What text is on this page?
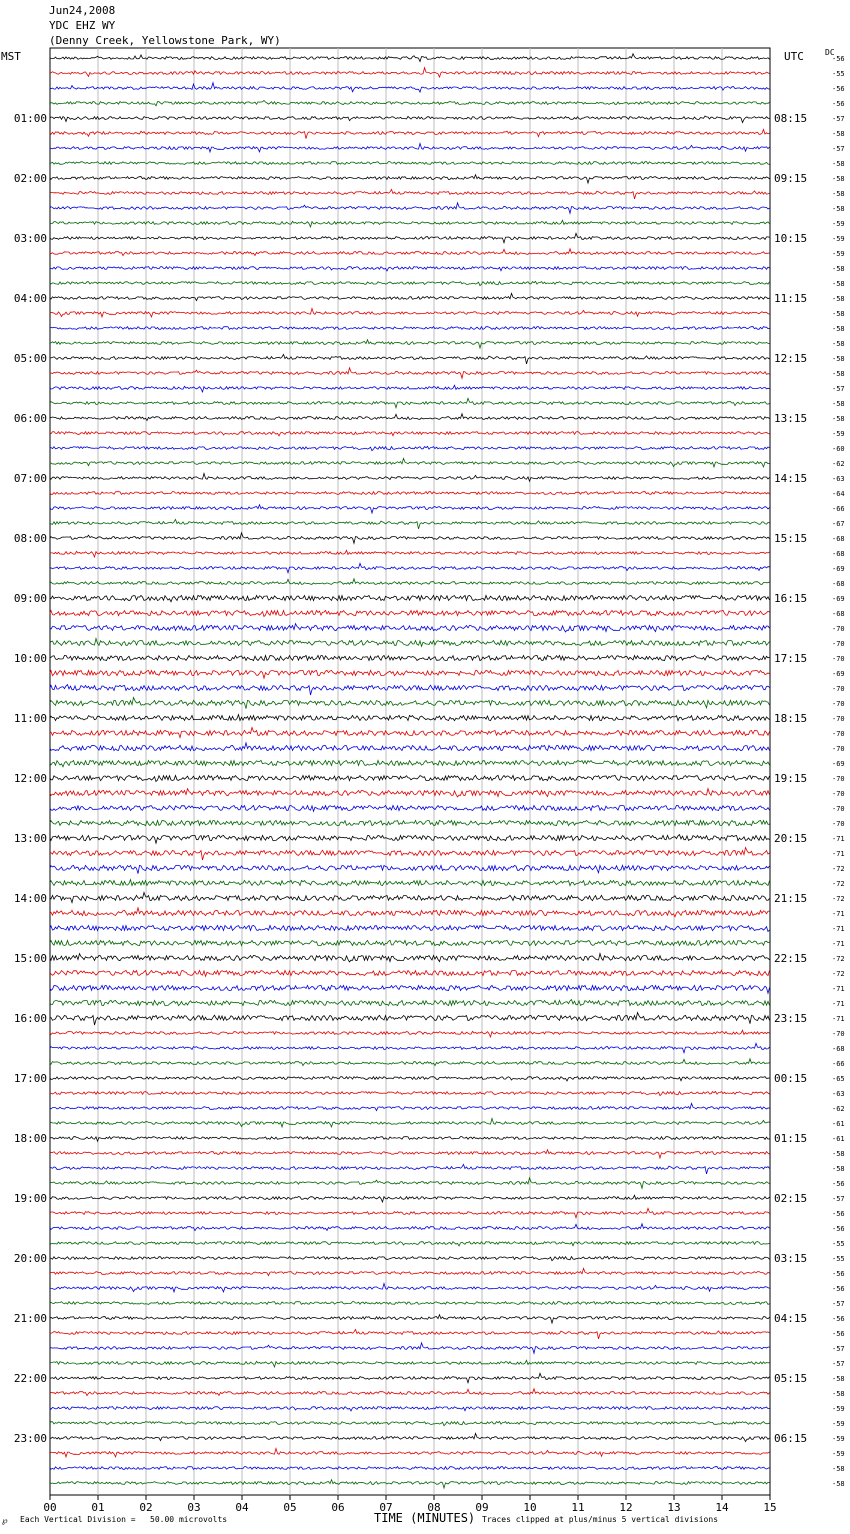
Jun24,2008
YDC EHZ WY
(Denny Creek, Yellowstone Park, WY)
MST	UTC	DC
01:00
02:00
03:00
04:00
05:00
06:00
07:00
08:00
09:00
10:00
11:00
12:00
13:00
14:00
15:00
16:00
17:00
18:00
19:00
20:00
21:00
22:00
23:00
08:15
09:15
10:15
11:15
12:15
13:15
14:15
15:15
16:15
17:15
18:15
19:15
20:15
21:15
22:15
23:15
00:15
01:15
02:15
03:15
04:15
05:15
06:15
-56
-55
-56
-56
-57
-58
-57
-58
-58
-58
-58
-59
-59
-59
-58
-58
-58
-58
-58
-58
-58
-58
-57
-58
-58
-59
-60
-62
-63
-64
-66
-67
-68
-68
-69
-68
-69
-68
-70
-70
-70
-69
-70
-70
-70
-70
-70
-69
-70
-70
-70
-70
-71
-71
-72
-72
-72
-71
-71
-71
-72
-72
-71
-71
-71
-70
-68
-66
-65
-63
-62
-61
-61
-58
-58
-56
-57
-56
-56
-55
-55
-56
-56
-57
-56
-56
-57
-57
-58
-58
-59
-59
-59
-59
-58
-58
00	01	02	03	04	05	06	07	08	09	10	11	12	13	14	15
℘ Each Vertical Division =   50.00 microvolts	TIME (MINUTES) Traces clipped at plus/minus 5 vertical divisions
